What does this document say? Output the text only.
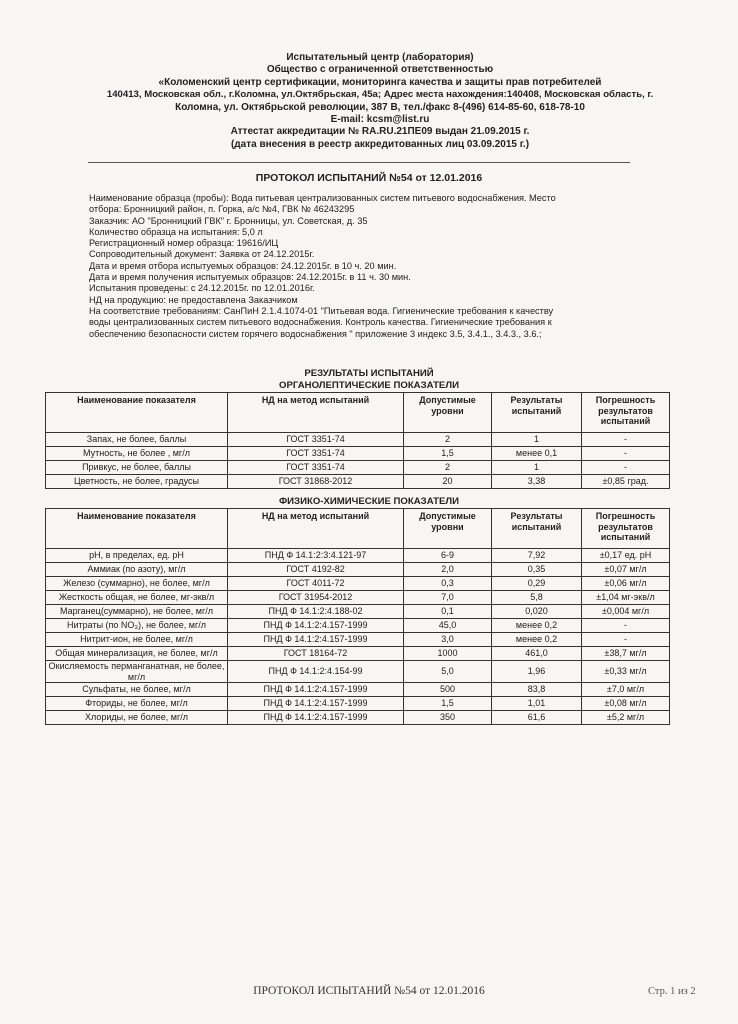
Испытательный центр (лаборатория)
Общество с ограниченной ответственностью
«Коломенский центр сертификации, мониторинга качества и защиты прав потребителей
140413, Московская обл., г.Коломна, ул.Октябрьская, 45а; Адрес места нахождения:140408, Московская область, г.
Коломна, ул. Октябрьской революции, 387 В, тел./факс 8-(496) 614-85-60, 618-78-10
E-mail: kcsm@list.ru
Аттестат аккредитации № RA.RU.21ПЕ09 выдан 21.09.2015 г.
(дата внесения в реестр аккредитованных лиц 03.09.2015 г.)
ПРОТОКОЛ ИСПЫТАНИЙ №54 от 12.01.2016
Наименование образца (пробы): Вода питьевая централизованных систем питьевого водоснабжения. Место
отбора: Бронницкий район, п. Горка, а/с №4, ГВК № 46243295
Заказчик: АО "Бронницкий ГВК" г. Бронницы, ул. Советская, д. 35
Количество образца на испытания: 5,0 л
Регистрационный номер образца: 19616/ИЦ
Сопроводительный документ: Заявка от 24.12.2015г.
Дата и время отбора испытуемых образцов: 24.12.2015г. в 10 ч. 20 мин.
Дата и время получения испытуемых образцов: 24.12.2015г. в 11 ч. 30 мин.
Испытания проведены: с 24.12.2015г. по 12.01.2016г.
НД на продукцию: не предоставлена Заказчиком
На соответствие требованиям: СанПиН 2.1.4.1074-01 "Питьевая вода. Гигиенические требования к качеству
воды централизованных систем питьевого водоснабжения. Контроль качества. Гигиенические требования к
обеспечению безопасности систем горячего водоснабжения " приложение 3 индекс 3.5, 3.4.1., 3.4.3., 3.6.;
РЕЗУЛЬТАТЫ ИСПЫТАНИЙ
ОРГАНОЛЕПТИЧЕСКИЕ ПОКАЗАТЕЛИ
Наименование показателя	НД на метод испытаний	Допустимые уровни	Результаты испытаний	Погрешность результатов испытаний
Запах, не более, баллы	ГОСТ 3351-74	2	1	-
Мутность, не более , мг/л	ГОСТ 3351-74	1,5	менее 0,1	-
Привкус, не более, баллы	ГОСТ 3351-74	2	1	-
Цветность, не более, градусы	ГОСТ 31868-2012	20	3,38	±0,85 град.
ФИЗИКО-ХИМИЧЕСКИЕ ПОКАЗАТЕЛИ
Наименование показателя	НД на метод испытаний	Допустимые уровни	Результаты испытаний	Погрешность результатов испытаний
рН, в пределах, ед. рН	ПНД Ф 14.1:2:3:4.121-97	6-9	7,92	±0,17 ед. рН
Аммиак (по азоту), мг/л	ГОСТ 4192-82	2,0	0,35	±0,07 мг/л
Железо (суммарно), не более, мг/л	ГОСТ 4011-72	0,3	0,29	±0,06 мг/л
Жесткость общая, не более, мг-экв/л	ГОСТ 31954-2012	7,0	5,8	±1,04 мг-экв/л
Марганец(суммарно), не более, мг/л	ПНД Ф 14.1:2:4.188-02	0,1	0,020	±0,004 мг/л
Нитраты (по NO₃), не более, мг/л	ПНД Ф 14.1:2:4.157-1999	45,0	менее 0,2	-
Нитрит-ион, не более, мг/л	ПНД Ф 14.1:2:4.157-1999	3,0	менее 0,2	-
Общая минерализация, не более, мг/л	ГОСТ 18164-72	1000	461,0	±38,7 мг/л
Окисляемость перманганатная, не более, мг/л	ПНД Ф 14.1:2:4.154-99	5,0	1,96	±0,33 мг/л
Сульфаты, не более, мг/л	ПНД Ф 14.1:2:4.157-1999	500	83,8	±7,0 мг/л
Фториды, не более, мг/л	ПНД Ф 14.1:2:4.157-1999	1,5	1,01	±0,08 мг/л
Хлориды, не более, мг/л	ПНД Ф 14.1:2:4.157-1999	350	61,6	±5,2 мг/л
ПРОТОКОЛ ИСПЫТАНИЙ №54 от 12.01.2016	Стр. 1 из 2
